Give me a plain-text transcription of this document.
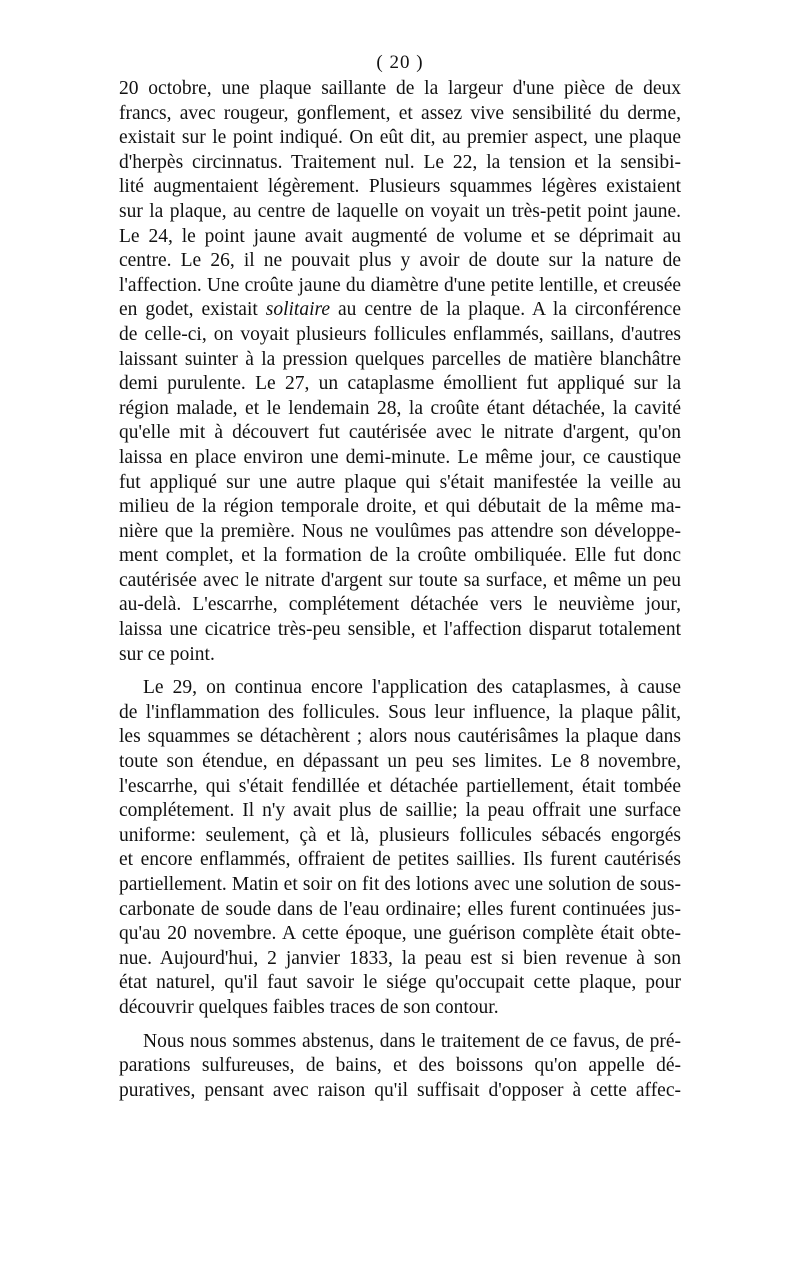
( 20 )
20 octobre, une plaque saillante de la largeur d'une pièce de deux
francs, avec rougeur, gonflement, et assez vive sensibilité du derme,
existait sur le point indiqué. On eût dit, au premier aspect, une plaque
d'herpès circinnatus. Traitement nul. Le 22, la tension et la sensibi-
lité augmentaient légèrement. Plusieurs squammes légères existaient
sur la plaque, au centre de laquelle on voyait un très-petit point jaune.
Le 24, le point jaune avait augmenté de volume et se déprimait au
centre. Le 26, il ne pouvait plus y avoir de doute sur la nature de
l'affection. Une croûte jaune du diamètre d'une petite lentille, et creusée
en godet, existait solitaire au centre de la plaque. A la circonférence
de celle-ci, on voyait plusieurs follicules enflammés, saillans, d'autres
laissant suinter à la pression quelques parcelles de matière blanchâtre
demi purulente. Le 27, un cataplasme émollient fut appliqué sur la
région malade, et le lendemain 28, la croûte étant détachée, la cavité
qu'elle mit à découvert fut cautérisée avec le nitrate d'argent, qu'on
laissa en place environ une demi-minute. Le même jour, ce caustique
fut appliqué sur une autre plaque qui s'était manifestée la veille au
milieu de la région temporale droite, et qui débutait de la même ma-
nière que la première. Nous ne voulûmes pas attendre son développe-
ment complet, et la formation de la croûte ombiliquée. Elle fut donc
cautérisée avec le nitrate d'argent sur toute sa surface, et même un peu
au-delà. L'escarrhe, complétement détachée vers le neuvième jour,
laissa une cicatrice très-peu sensible, et l'affection disparut totalement
sur ce point.
Le 29, on continua encore l'application des cataplasmes, à cause
de l'inflammation des follicules. Sous leur influence, la plaque pâlit,
les squammes se détachèrent ; alors nous cautérisâmes la plaque dans
toute son étendue, en dépassant un peu ses limites. Le 8 novembre,
l'escarrhe, qui s'était fendillée et détachée partiellement, était tombée
complétement. Il n'y avait plus de saillie; la peau offrait une surface
uniforme: seulement, çà et là, plusieurs follicules sébacés engorgés
et encore enflammés, offraient de petites saillies. Ils furent cautérisés
partiellement. Matin et soir on fit des lotions avec une solution de sous-
carbonate de soude dans de l'eau ordinaire; elles furent continuées jus-
qu'au 20 novembre. A cette époque, une guérison complète était obte-
nue. Aujourd'hui, 2 janvier 1833, la peau est si bien revenue à son
état naturel, qu'il faut savoir le siége qu'occupait cette plaque, pour
découvrir quelques faibles traces de son contour.
Nous nous sommes abstenus, dans le traitement de ce favus, de pré-
parations sulfureuses, de bains, et des boissons qu'on appelle dé-
puratives, pensant avec raison qu'il suffisait d'opposer à cette affec-
